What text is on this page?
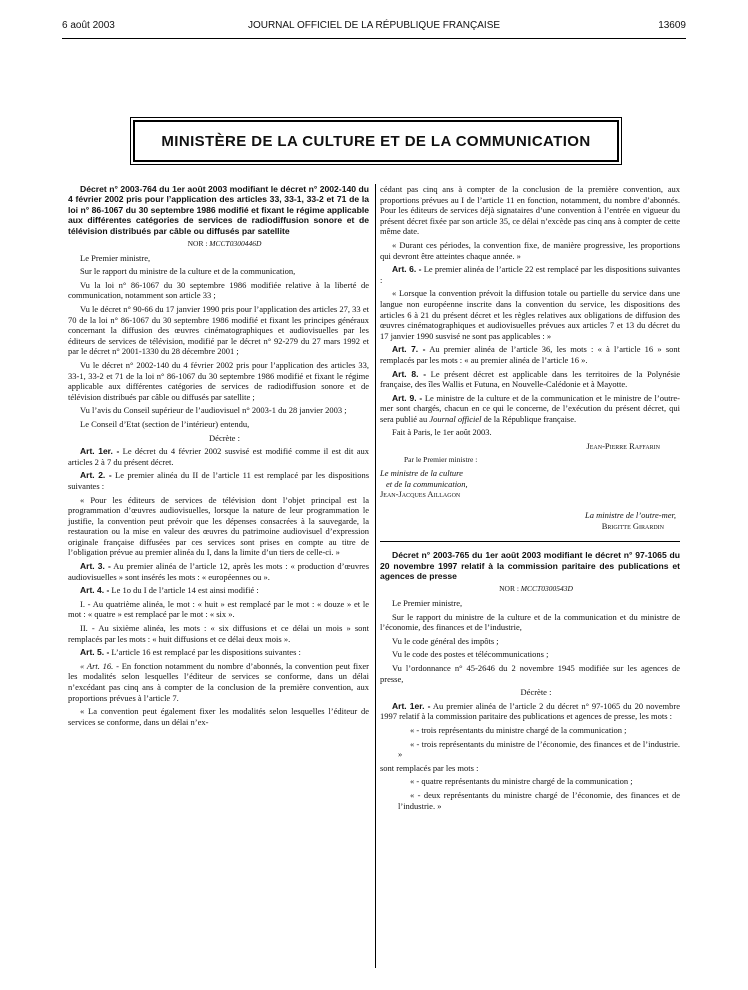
6 août 2003	JOURNAL OFFICIEL DE LA RÉPUBLIQUE FRANÇAISE	13609
MINISTÈRE DE LA CULTURE ET DE LA COMMUNICATION

Décret n° 2003-764 du 1er août 2003 modifiant le décret n° 2002-140 du 4 février 2002 pris pour l’application des articles 33, 33-1, 33-2 et 71 de la loi n° 86-1067 du 30 septembre 1986 modifié et fixant le régime applicable aux différentes catégories de services de radiodiffusion sonore et de télévision distribués par câble ou diffusés par satellite

NOR : MCCT0300446D

Le Premier ministre,

Sur le rapport du ministre de la culture et de la communication,

Vu la loi n° 86-1067 du 30 septembre 1986 modifiée relative à la liberté de communication, notamment son article 33 ;

Vu le décret n° 90-66 du 17 janvier 1990 pris pour l’application des articles 27, 33 et 70 de la loi n° 86-1067 du 30 septembre 1986 modifié et fixant les principes généraux concernant la diffusion des œuvres cinématographiques et audiovisuelles par les éditeurs de services de télévision, modifié par le décret n° 92-279 du 27 mars 1992 et par le décret n° 2001-1330 du 28 décembre 2001 ;

Vu le décret n° 2002-140 du 4 février 2002 pris pour l’application des articles 33, 33-1, 33-2 et 71 de la loi n° 86-1067 du 30 septembre 1986 modifié et fixant le régime applicable aux différentes catégories de services de radiodiffusion sonore et de télévision distribués par câble ou diffusés par satellite ;

Vu l’avis du Conseil supérieur de l’audiovisuel n° 2003-1 du 28 janvier 2003 ;

Le Conseil d’Etat (section de l’intérieur) entendu,

Décrète :

Art. 1er. - Le décret du 4 février 2002 susvisé est modifié comme il est dit aux articles 2 à 7 du présent décret.

Art. 2. - Le premier alinéa du II de l’article 11 est remplacé par les dispositions suivantes :

« Pour les éditeurs de services de télévision dont l’objet principal est la programmation d’œuvres audiovisuelles, lorsque la nature de leur programmation le justifie, la convention peut prévoir que les dépenses consacrées à la sauvegarde, la restauration ou la mise en valeur des œuvres du patrimoine audiovisuel d’expression originale française diffusées par ces services sont prises en compte au titre de l’obligation prévue au premier alinéa du I, dans la limite d’un tiers de celle-ci. »

Art. 3. - Au premier alinéa de l’article 12, après les mots : « production d’œuvres audiovisuelles » sont insérés les mots : « européennes ou ».

Art. 4. - Le 1o du I de l’article 14 est ainsi modifié :

I. - Au quatrième alinéa, le mot : « huit » est remplacé par le mot : « douze » et le mot : « quatre » est remplacé par le mot : « six ».

II. - Au sixième alinéa, les mots : « six diffusions et ce délai un mois » sont remplacés par les mots : « huit diffusions et ce délai deux mois ».

Art. 5. - L’article 16 est remplacé par les dispositions suivantes :

« Art. 16. - En fonction notamment du nombre d’abonnés, la convention peut fixer les modalités selon lesquelles l’éditeur de services se conforme, dans un délai n’excédant pas cinq ans à compter de la conclusion de la première convention, aux proportions prévues à l’article 7.

« La convention peut également fixer les modalités selon lesquelles l’éditeur de services se conforme, dans un délai n’ex-

cédant pas cinq ans à compter de la conclusion de la première convention, aux proportions prévues au I de l’article 11 en fonction, notamment, du nombre d’abonnés. Pour les éditeurs de services déjà signataires d’une convention à l’entrée en vigueur du présent décret fixée par son article 35, ce délai n’excède pas cinq ans à compter de cette même date.

« Durant ces périodes, la convention fixe, de manière progressive, les proportions qui devront être atteintes chaque année. »

Art. 6. - Le premier alinéa de l’article 22 est remplacé par les dispositions suivantes :

« Lorsque la convention prévoit la diffusion totale ou partielle du service dans une langue non européenne inscrite dans la convention du service, les dispositions des articles 6 à 21 du présent décret et les règles relatives aux obligations de diffusion des œuvres cinématographiques et audiovisuelles prévues aux articles 7 et 13 du décret du 17 janvier 1990 susvisé ne sont pas applicables : »

Art. 7. - Au premier alinéa de l’article 36, les mots : « à l’article 16 » sont remplacés par les mots : « au premier alinéa de l’article 16 ».

Art. 8. - Le présent décret est applicable dans les territoires de la Polynésie française, des îles Wallis et Futuna, en Nouvelle-Calédonie et à Mayotte.

Art. 9. - Le ministre de la culture et de la communication et le ministre de l’outre-mer sont chargés, chacun en ce qui le concerne, de l’exécution du présent décret, qui sera publié au Journal officiel de la République française.

Fait à Paris, le 1er août 2003.

Jean-Pierre Raffarin

Par le Premier ministre :

Le ministre de la culture

et de la communication,

Jean-Jacques Aillagon

La ministre de l’outre-mer,

Brigitte Girardin

Décret n° 2003-765 du 1er août 2003 modifiant le décret n° 97-1065 du 20 novembre 1997 relatif à la commission paritaire des publications et agences de presse

NOR : MCCT0300543D

Le Premier ministre,

Sur le rapport du ministre de la culture et de la communication et du ministre de l’économie, des finances et de l’industrie,

Vu le code général des impôts ;

Vu le code des postes et télécommunications ;

Vu l’ordonnance n° 45-2646 du 2 novembre 1945 modifiée sur les agences de presse,

Décrète :

Art. 1er. - Au premier alinéa de l’article 2 du décret n° 97-1065 du 20 novembre 1997 relatif à la commission paritaire des publications et agences de presse, les mots :

« - trois représentants du ministre chargé de la communication ;

« - trois représentants du ministre de l’économie, des finances et de l’industrie. »

sont remplacés par les mots :

« - quatre représentants du ministre chargé de la communication ;

« - deux représentants du ministre chargé de l’économie, des finances et de l’industrie. »
